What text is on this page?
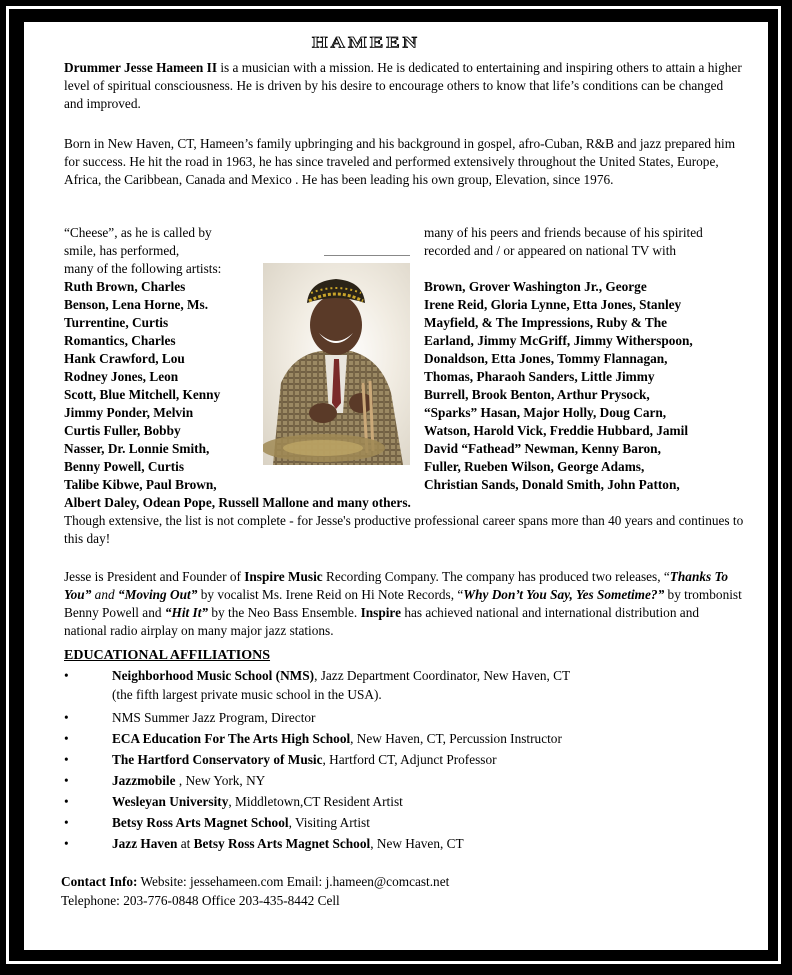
HAMEEN

Drummer Jesse Hameen II is a musician with a mission. He is dedicated to entertaining and inspiring others to attain a higher level of spiritual consciousness. He is driven by his desire to encourage others to know that life’s conditions can be changed and improved.

Born in New Haven, CT, Hameen’s family upbringing and his background in gospel, afro-Cuban, R&B and jazz prepared him for success. He hit the road in 1963, he has since traveled and performed extensively throughout the United States, Europe, Africa, the Caribbean, Canada and Mexico . He has been leading his own group, Elevation, since 1976.

“Cheese”, as he is called by
smile, has performed,
many of the following artists:
Ruth Brown, Charles
Benson, Lena Horne, Ms.
Turrentine, Curtis
Romantics, Charles
Hank Crawford, Lou
Rodney Jones, Leon
Scott, Blue Mitchell, Kenny
Jimmy Ponder, Melvin
Curtis Fuller, Bobby
Nasser, Dr. Lonnie Smith,
Benny Powell, Curtis
Talibe Kibwe, Paul Brown,
many of his peers and friends because of his spirited
recorded and / or appeared on national TV with
Brown, Grover Washington Jr., George
Irene Reid, Gloria Lynne, Etta Jones, Stanley
Mayfield, & The Impressions, Ruby & The
Earland, Jimmy McGriff, Jimmy Witherspoon,
Donaldson, Etta Jones, Tommy Flannagan,
Thomas, Pharaoh Sanders, Little Jimmy
Burrell, Brook Benton, Arthur Prysock,
“Sparks” Hasan, Major Holly, Doug Carn,
Watson, Harold Vick, Freddie Hubbard, Jamil
David “Fathead” Newman, Kenny Baron,
Fuller, Rueben Wilson, George Adams,
Christian Sands, Donald Smith, John Patton,
Albert Daley, Odean Pope, Russell Mallone and many others.

Though extensive, the list is not complete - for Jesse's productive professional career spans more than 40 years and continues to this day!

Jesse is President and Founder of Inspire Music Recording Company. The company has produced two releases, “Thanks To You” and “Moving Out” by vocalist Ms. Irene Reid on Hi Note Records, “Why Don’t You Say, Yes Sometime?” by trombonist Benny Powell and “Hit It” by the Neo Bass Ensemble. Inspire has achieved national and international distribution and national radio airplay on many major jazz stations.

EDUCATIONAL AFFILIATIONS
•	Neighborhood Music School (NMS), Jazz Department Coordinator, New Haven, CT
(the fifth largest private music school in the USA).
•	NMS Summer Jazz Program, Director
•	ECA Education For The Arts High School, New Haven, CT, Percussion Instructor
•	The Hartford Conservatory of Music, Hartford CT, Adjunct Professor
•	Jazzmobile , New York, NY
•	Wesleyan University, Middletown,CT Resident Artist
•	Betsy Ross Arts Magnet School, Visiting Artist
•	Jazz Haven at Betsy Ross Arts Magnet School, New Haven, CT
Contact Info: Website: jessehameen.com Email: j.hameen@comcast.net
Telephone: 203-776-0848 Office 203-435-8442 Cell
